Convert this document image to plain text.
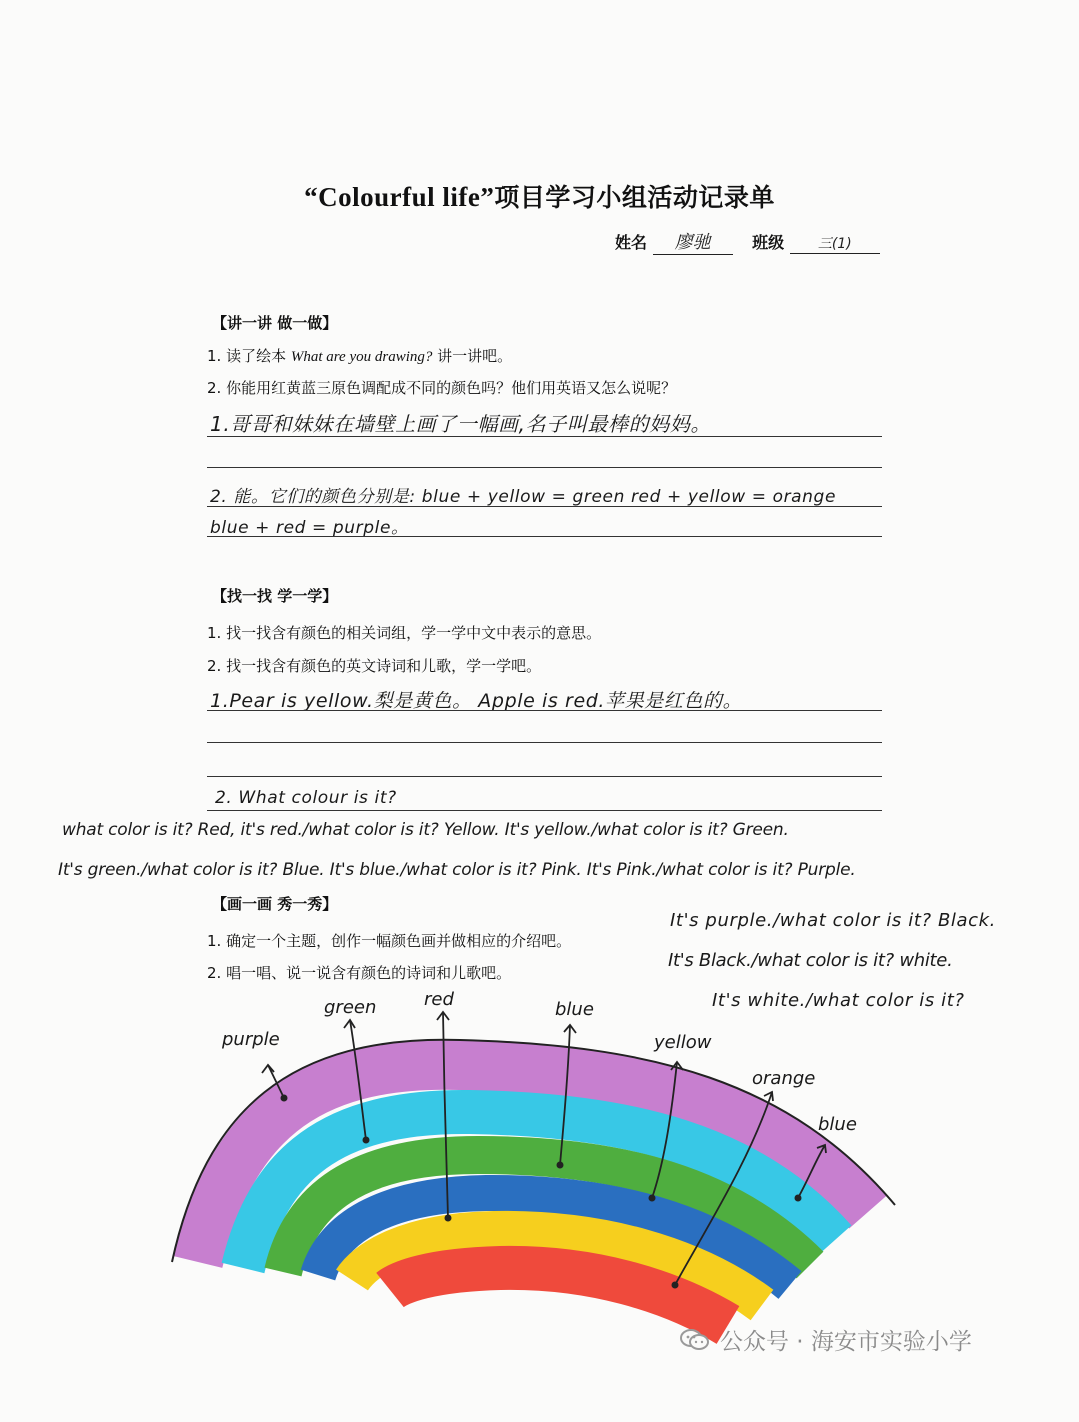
“Colourful life”项目学习小组活动记录单
姓名 廖驰	班级 三(1)
【讲一讲 做一做】
1. 读了绘本 What are you drawing? 讲一讲吧。
2. 你能用红黄蓝三原色调配成不同的颜色吗？他们用英语又怎么说呢？
1.哥哥和妹妹在墙壁上画了一幅画,名子叫最棒的妈妈。
2. 能。它们的颜色分别是: blue + yellow = green red + yellow = orange
blue + red = purple。
【找一找 学一学】
1. 找一找含有颜色的相关词组，学一学中文中表示的意思。
2. 找一找含有颜色的英文诗词和儿歌，学一学吧。
1.Pear is yellow.梨是黄色。 Apple is red.苹果是红色的。
2. What colour is it?
what color is it? Red, it's red./what color is it? Yellow. It's yellow./what color is it? Green.
It's green./what color is it? Blue. It's blue./what color is it? Pink. It's Pink./what color is it? Purple.
【画一画 秀一秀】
1. 确定一个主题，创作一幅颜色画并做相应的介绍吧。
2. 唱一唱、说一说含有颜色的诗词和儿歌吧。
It's purple./what color is it? Black.
It's Black./what color is it? white.
It's white./what color is it?
purple
green	red	blue
yellow
orange
blue
公众号 · 海安市实验小学
